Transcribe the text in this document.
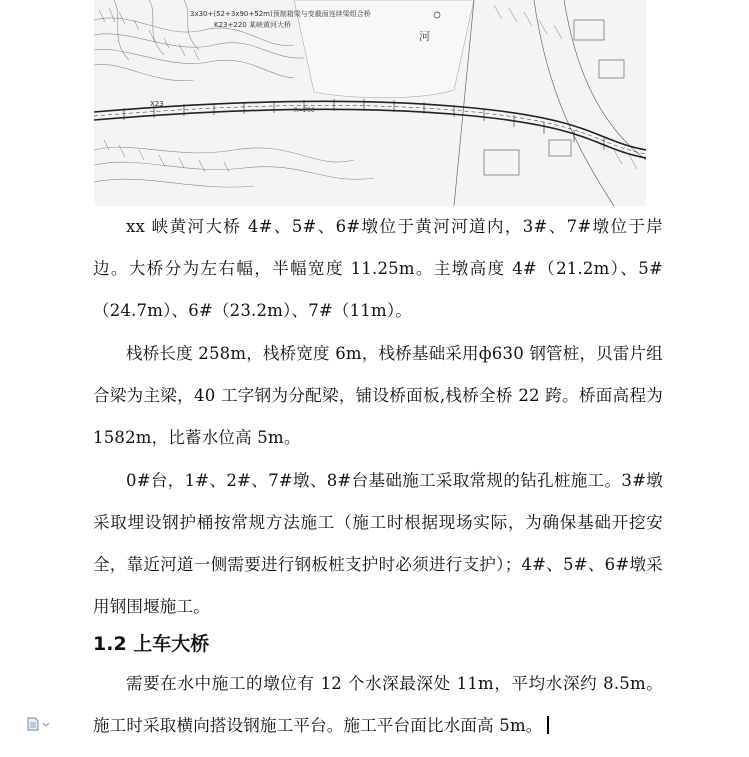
3x30+(52+3x90+52m)预制箱梁与变截面连续梁组合桥
K23+220 某峡黄河大桥
X23
R=700
河

xx 峡黄河大桥 4#、5#、6#墩位于黄河河道内，3#、7#墩位于岸边。大桥分为左右幅，半幅宽度 11.25m。主墩高度 4#（21.2m）、5#（24.7m）、6#（23.2m）、7#（11m）。

栈桥长度 258m，栈桥宽度 6m，栈桥基础采用ф630 钢管桩，贝雷片组合梁为主梁，40 工字钢为分配梁，铺设桥面板,栈桥全桥 22 跨。桥面高程为 1582m，比蓄水位高 5m。

0#台，1#、2#、7#墩、8#台基础施工采取常规的钻孔桩施工。3#墩采取埋设钢护桶按常规方法施工（施工时根据现场实际，为确保基础开挖安全，靠近河道一侧需要进行钢板桩支护时必须进行支护）；4#、5#、6#墩采用钢围堰施工。

1.2 上车大桥

需要在水中施工的墩位有 12 个水深最深处 11m，平均水深约 8.5m。施工时采取横向搭设钢施工平台。施工平台面比水面高 5m。
